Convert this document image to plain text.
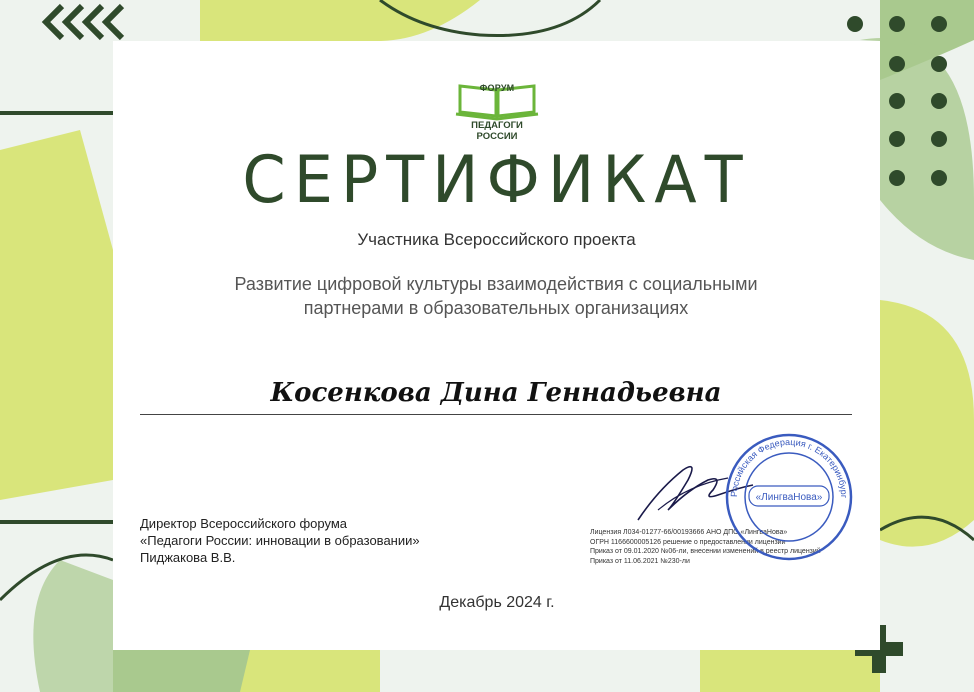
ФОРУМ
ПЕДАГОГИ РОССИИ
СЕРТИФИКАТ
Участника Всероссийского проекта
Развитие цифровой культуры взаимодействия с социальными
партнерами в образовательных организациях
Косенкова Дина Геннадьевна
Директор Всероссийского форума
«Педагоги России: инновации в образовании»
Пиджакова В.В.
Лицензия Л034-01277-66/00193666 АНО ДПО «ЛингваНова»
ОГРН 1166600005126 решение о предоставлении лицензии
Приказ от 09.01.2020 №06-ли, внесении изменений в реестр лицензий
Приказ от 11.06.2021 №230-ли
Российская Федерация г. Екатеринбург
«ЛингваНова»
Декабрь 2024 г.
